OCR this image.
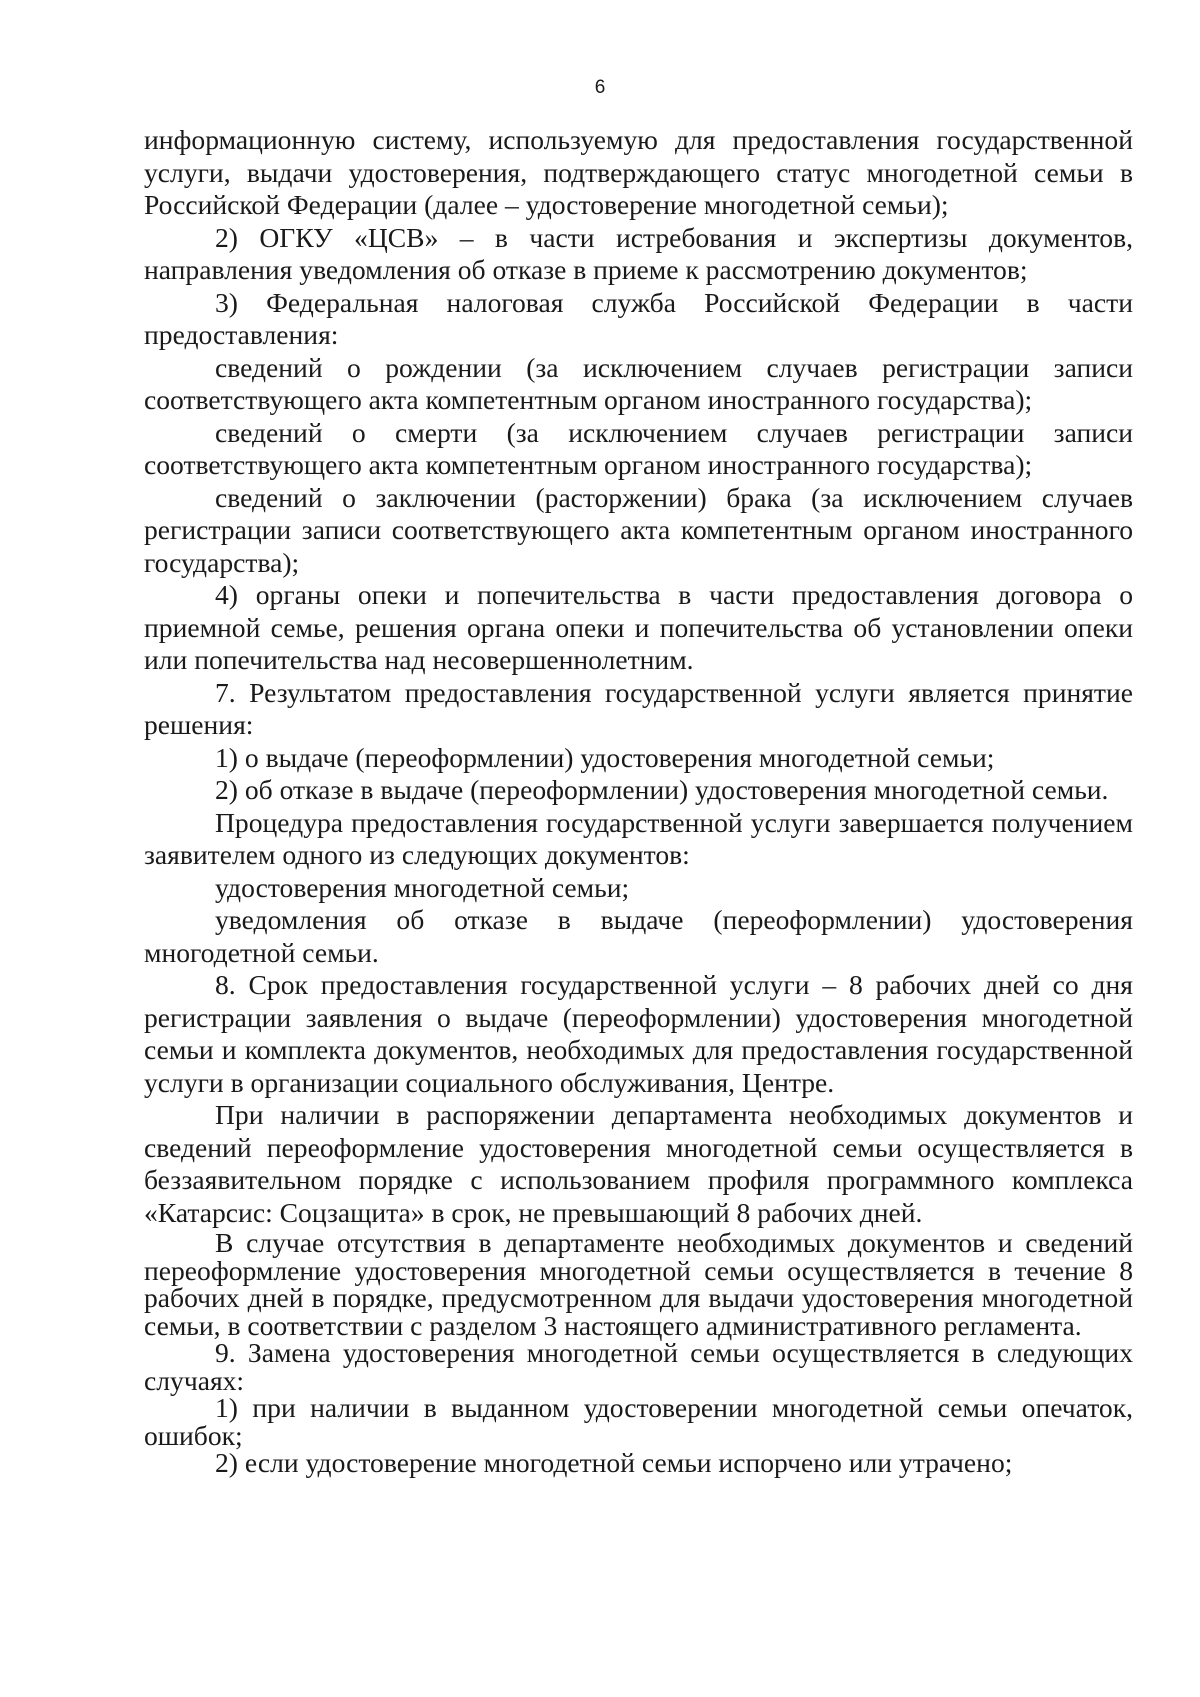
6

информационную систему, используемую для предоставления государственной услуги, выдачи удостоверения, подтверждающего статус многодетной семьи в Российской Федерации (далее – удостоверение многодетной семьи);

2) ОГКУ «ЦСВ» – в части истребования и экспертизы документов, направления уведомления об отказе в приеме к рассмотрению документов;

3) Федеральная налоговая служба Российской Федерации в части предоставления:

сведений о рождении (за исключением случаев регистрации записи соответствующего акта компетентным органом иностранного государства);

сведений о смерти (за исключением случаев регистрации записи соответствующего акта компетентным органом иностранного государства);

сведений о заключении (расторжении) брака (за исключением случаев регистрации записи соответствующего акта компетентным органом иностранного государства);

4) органы опеки и попечительства в части предоставления договора о приемной семье, решения органа опеки и попечительства об установлении опеки или попечительства над несовершеннолетним.

7. Результатом предоставления государственной услуги является принятие решения:

1) о выдаче (переоформлении) удостоверения многодетной семьи;

2) об отказе в выдаче (переоформлении) удостоверения многодетной семьи.

Процедура предоставления государственной услуги завершается получением заявителем одного из следующих документов:

удостоверения многодетной семьи;

уведомления об отказе в выдаче (переоформлении) удостоверения многодетной семьи.

8. Срок предоставления государственной услуги – 8 рабочих дней со дня регистрации заявления о выдаче (переоформлении) удостоверения многодетной семьи и комплекта документов, необходимых для предоставления государственной услуги в организации социального обслуживания, Центре.

При наличии в распоряжении департамента необходимых документов и сведений переоформление удостоверения многодетной семьи осуществляется в беззаявительном порядке с использованием профиля программного комплекса «Катарсис: Соцзащита» в срок, не превышающий 8 рабочих дней.

В случае отсутствия в департаменте необходимых документов и сведений переоформление удостоверения многодетной семьи осуществляется в течение 8 рабочих дней в порядке, предусмотренном для выдачи удостоверения многодетной семьи, в соответствии с разделом 3 настоящего административного регламента.

9. Замена удостоверения многодетной семьи осуществляется в следующих случаях:

1) при наличии в выданном удостоверении многодетной семьи опечаток, ошибок;

2) если удостоверение многодетной семьи испорчено или утрачено;
